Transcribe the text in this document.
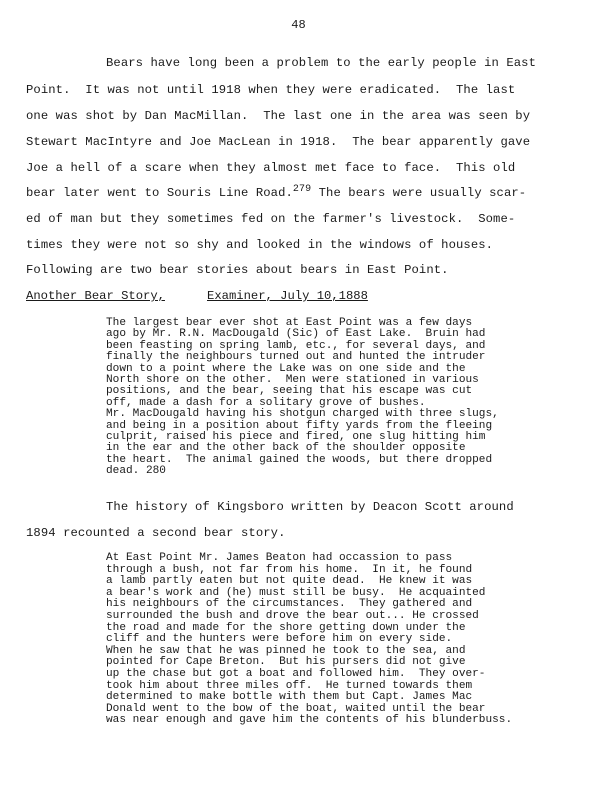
48
Bears have long been a problem to the early people in East
Point.  It was not until 1918 when they were eradicated.  The last
one was shot by Dan MacMillan.  The last one in the area was seen by
Stewart MacIntyre and Joe MacLean in 1918.  The bear apparently gave
Joe a hell of a scare when they almost met face to face.  This old
bear later went to Souris Line Road.$^{279}$ The bears were usually scar-
ed of man but they sometimes fed on the farmer's livestock.  Some-
times they were not so shy and looked in the windows of houses.
Following are two bear stories about bears in East Point.
Another Bear Story,	Examiner, July 10,1888
The largest bear ever shot at East Point was a few days
ago by Mr. R.N. MacDougald (Sic) of East Lake.  Bruin had
been feasting on spring lamb, etc., for several days, and
finally the neighbours turned out and hunted the intruder
down to a point where the Lake was on one side and the
North shore on the other.  Men were stationed in various
positions, and the bear, seeing that his escape was cut
off, made a dash for a solitary grove of bushes.
Mr. MacDougald having his shotgun charged with three slugs,
and being in a position about fifty yards from the fleeing
culprit, raised his piece and fired, one slug hitting him
in the ear and the other back of the shoulder opposite
the heart.  The animal gained the woods, but there dropped
dead. 280
The history of Kingsboro written by Deacon Scott around
1894 recounted a second bear story.
At East Point Mr. James Beaton had occassion to pass
through a bush, not far from his home.  In it, he found
a lamb partly eaten but not quite dead.  He knew it was
a bear's work and (he) must still be busy.  He acquainted
his neighbours of the circumstances.  They gathered and
surrounded the bush and drove the bear out... He crossed
the road and made for the shore getting down under the
cliff and the hunters were before him on every side.
When he saw that he was pinned he took to the sea, and
pointed for Cape Breton.  But his pursers did not give
up the chase but got a boat and followed him.  They over-
took him about three miles off.  He turned towards them
determined to make bottle with them but Capt. James Mac
Donald went to the bow of the boat, waited until the bear
was near enough and gave him the contents of his blunderbuss.
